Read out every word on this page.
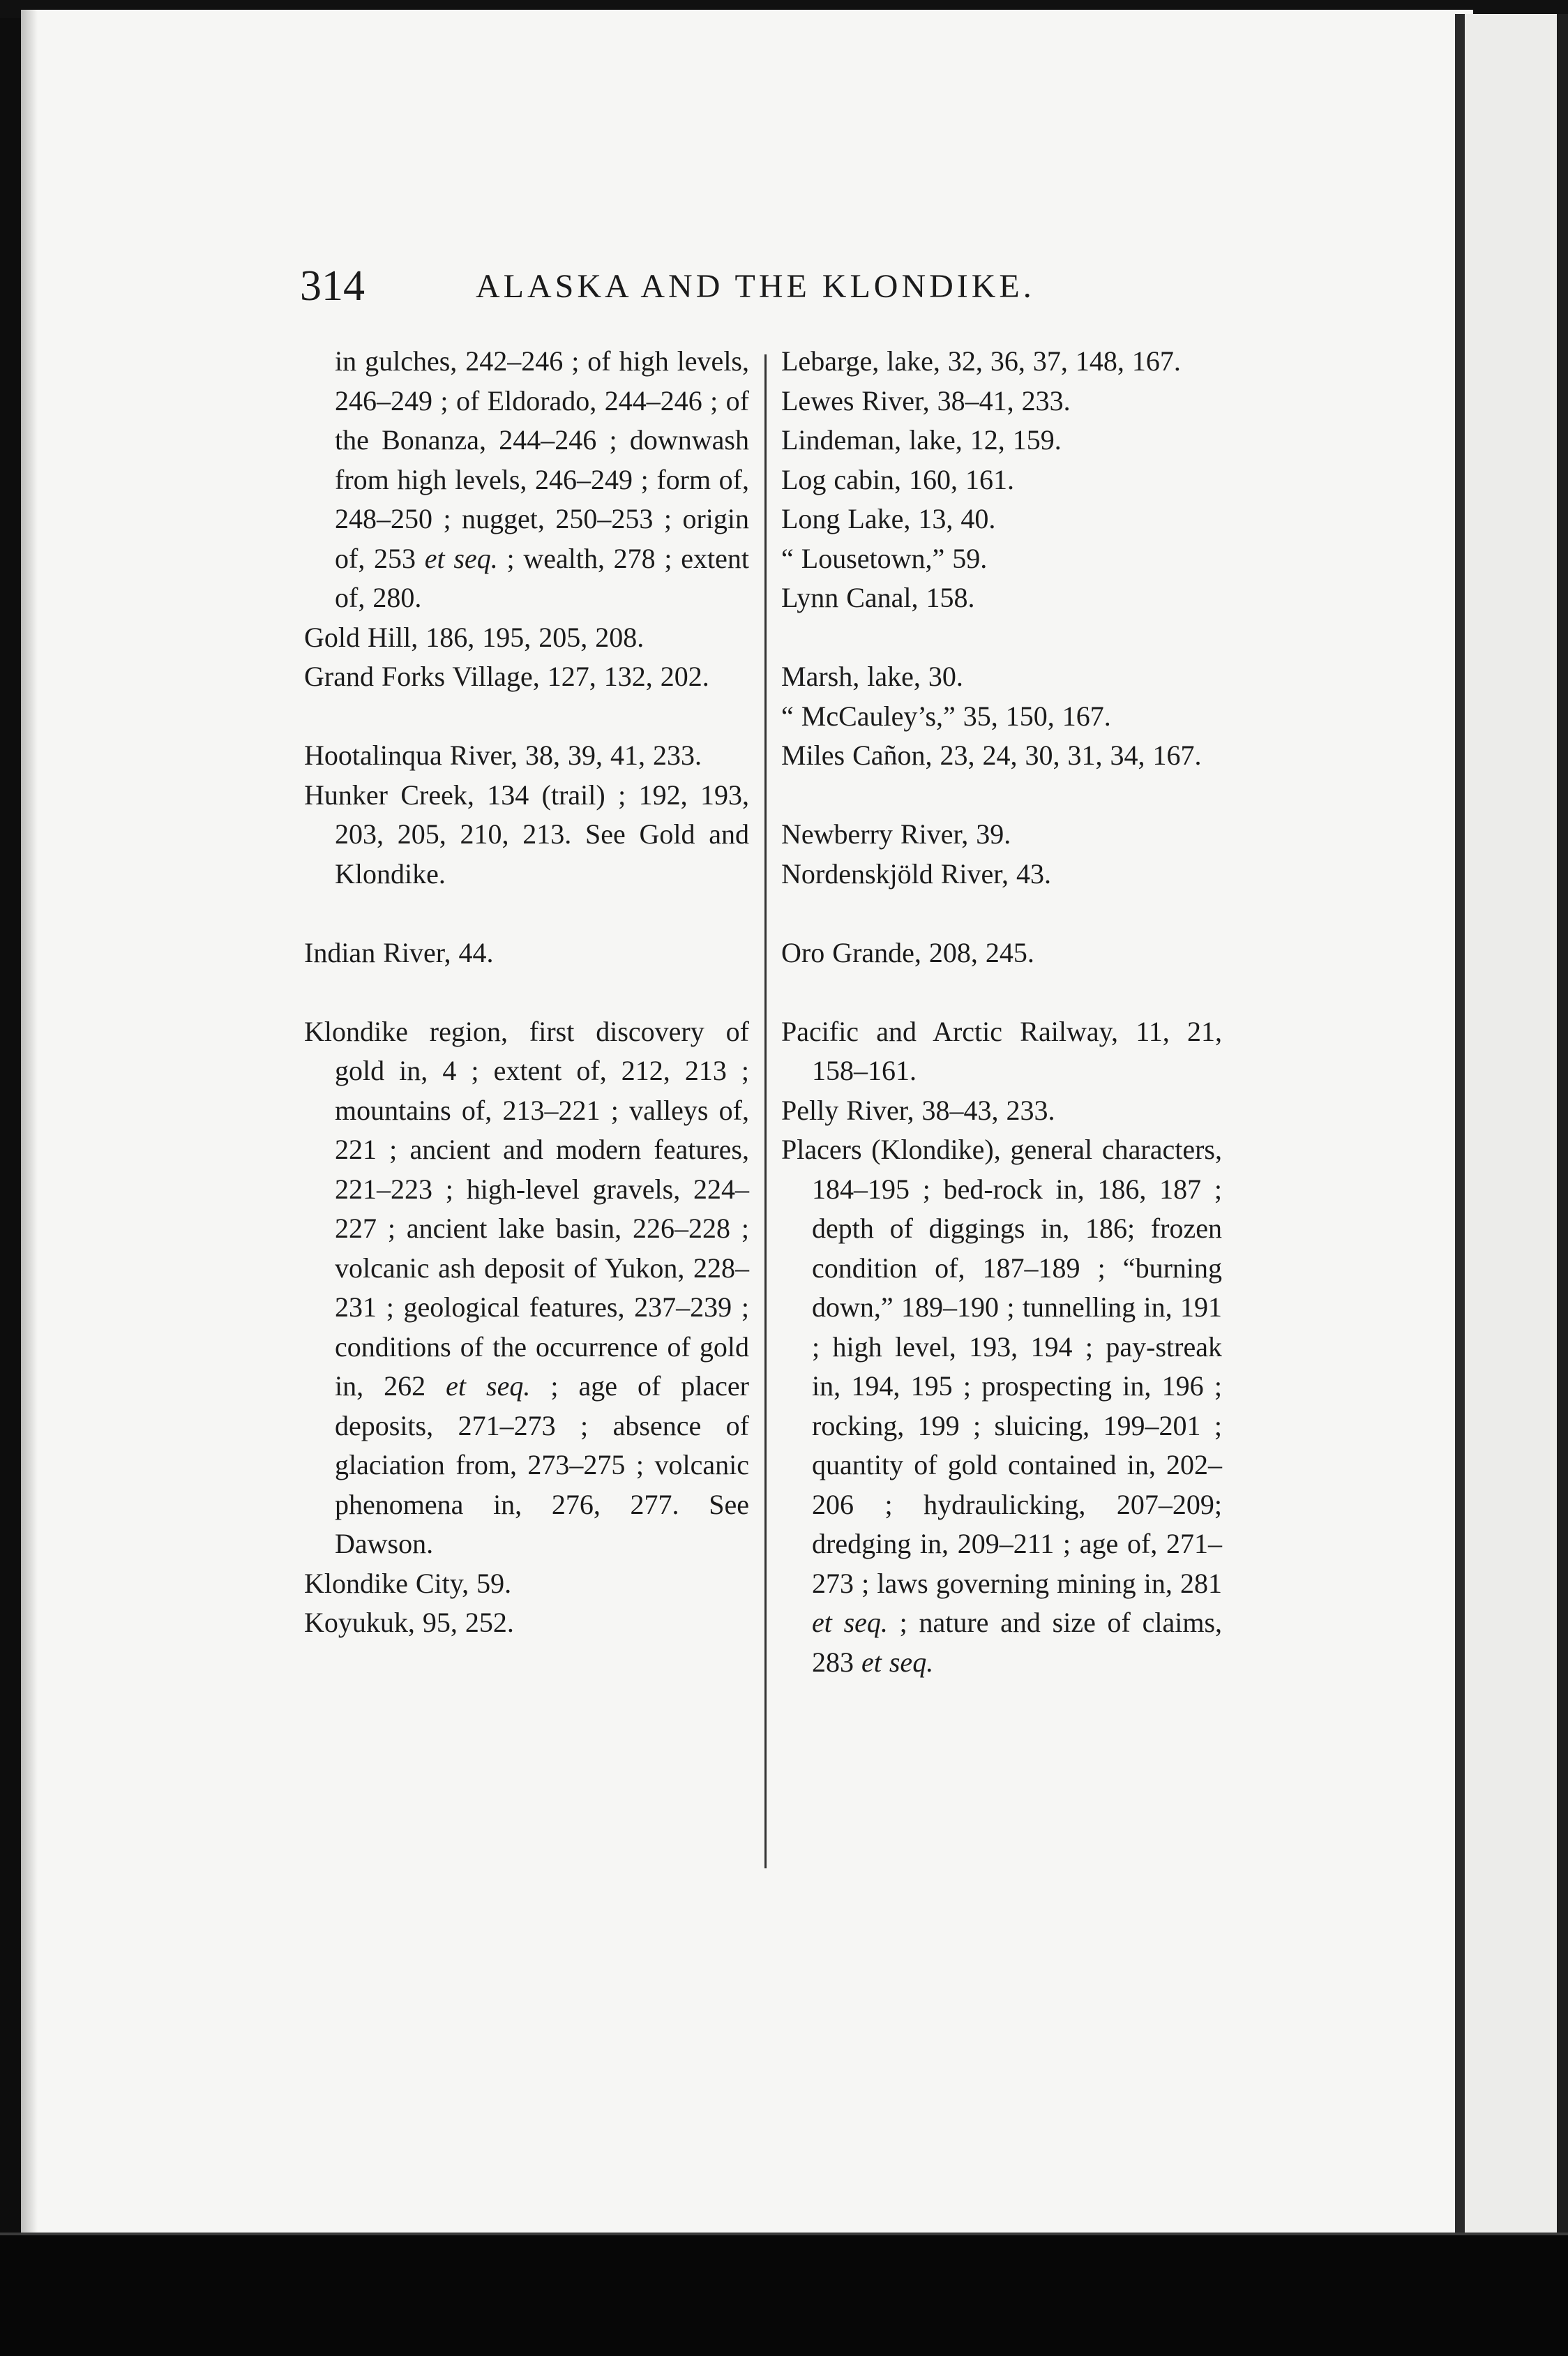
314	ALASKA AND THE KLONDIKE.
in gulches, 242–246 ; of high levels, 246–249 ; of Eldorado, 244–246 ; of the Bonanza, 244–246 ; downwash from high levels, 246–249 ; form of, 248–250 ; nugget, 250–253 ; origin of, 253 et seq. ; wealth, 278 ; extent of, 280.
Gold Hill, 186, 195, 205, 208.
Grand Forks Village, 127, 132, 202.
Hootalinqua River, 38, 39, 41, 233.
Hunker Creek, 134 (trail) ; 192, 193, 203, 205, 210, 213. See Gold and Klondike.
Indian River, 44.
Klondike region, first discovery of gold in, 4 ; extent of, 212, 213 ; mountains of, 213–221 ; valleys of, 221 ; ancient and modern features, 221–223 ; high-level gravels, 224–227 ; ancient lake basin, 226–228 ; volcanic ash deposit of Yukon, 228–231 ; geological features, 237–239 ; conditions of the occurrence of gold in, 262 et seq. ; age of placer deposits, 271–273 ; absence of glaciation from, 273–275 ; volcanic phenomena in, 276, 277. See Dawson.
Klondike City, 59.
Koyukuk, 95, 252.
Lebarge, lake, 32, 36, 37, 148, 167.
Lewes River, 38–41, 233.
Lindeman, lake, 12, 159.
Log cabin, 160, 161.
Long Lake, 13, 40.
“ Lousetown,” 59.
Lynn Canal, 158.
Marsh, lake, 30.
“ McCauley’s,” 35, 150, 167.
Miles Cañon, 23, 24, 30, 31, 34, 167.
Newberry River, 39.
Nordenskjöld River, 43.
Oro Grande, 208, 245.
Pacific and Arctic Railway, 11, 21, 158–161.
Pelly River, 38–43, 233.
Placers (Klondike), general characters, 184–195 ; bed-rock in, 186, 187 ; depth of diggings in, 186; frozen condition of, 187–189 ; “burning down,” 189–190 ; tunnelling in, 191 ; high level, 193, 194 ; pay-streak in, 194, 195 ; prospecting in, 196 ; rocking, 199 ; sluicing, 199–201 ; quantity of gold contained in, 202–206 ; hydraulicking, 207–209; dredging in, 209–211 ; age of, 271–273 ; laws governing mining in, 281 et seq. ; nature and size of claims, 283 et seq.
